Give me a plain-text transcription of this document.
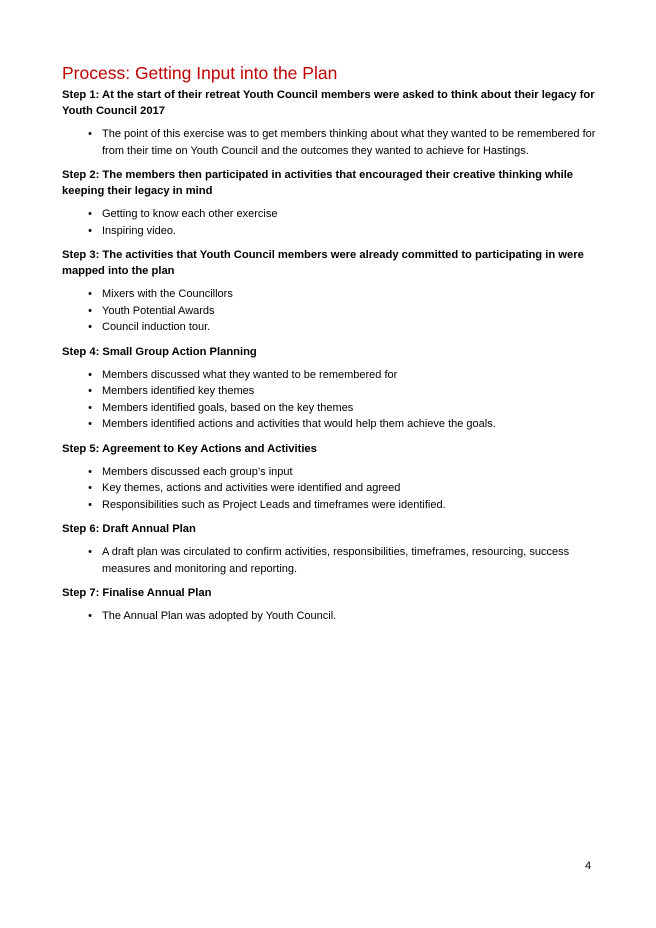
Process: Getting Input into the Plan

Step 1: At the start of their retreat Youth Council members were asked to think about their legacy for Youth Council 2017

• The point of this exercise was to get members thinking about what they wanted to be remembered for from their time on Youth Council and the outcomes they wanted to achieve for Hastings.

Step 2: The members then participated in activities that encouraged their creative thinking while keeping their legacy in mind

• Getting to know each other exercise
• Inspiring video.

Step 3: The activities that Youth Council members were already committed to participating in were mapped into the plan

• Mixers with the Councillors
• Youth Potential Awards
• Council induction tour.

Step 4: Small Group Action Planning

• Members discussed what they wanted to be remembered for
• Members identified key themes
• Members identified goals, based on the key themes
• Members identified actions and activities that would help them achieve the goals.

Step 5: Agreement to Key Actions and Activities

• Members discussed each group’s input
• Key themes, actions and activities were identified and agreed
• Responsibilities such as Project Leads and timeframes were identified.

Step 6: Draft Annual Plan

• A draft plan was circulated to confirm activities, responsibilities, timeframes, resourcing, success measures and monitoring and reporting.

Step 7: Finalise Annual Plan

• The Annual Plan was adopted by Youth Council.
4
